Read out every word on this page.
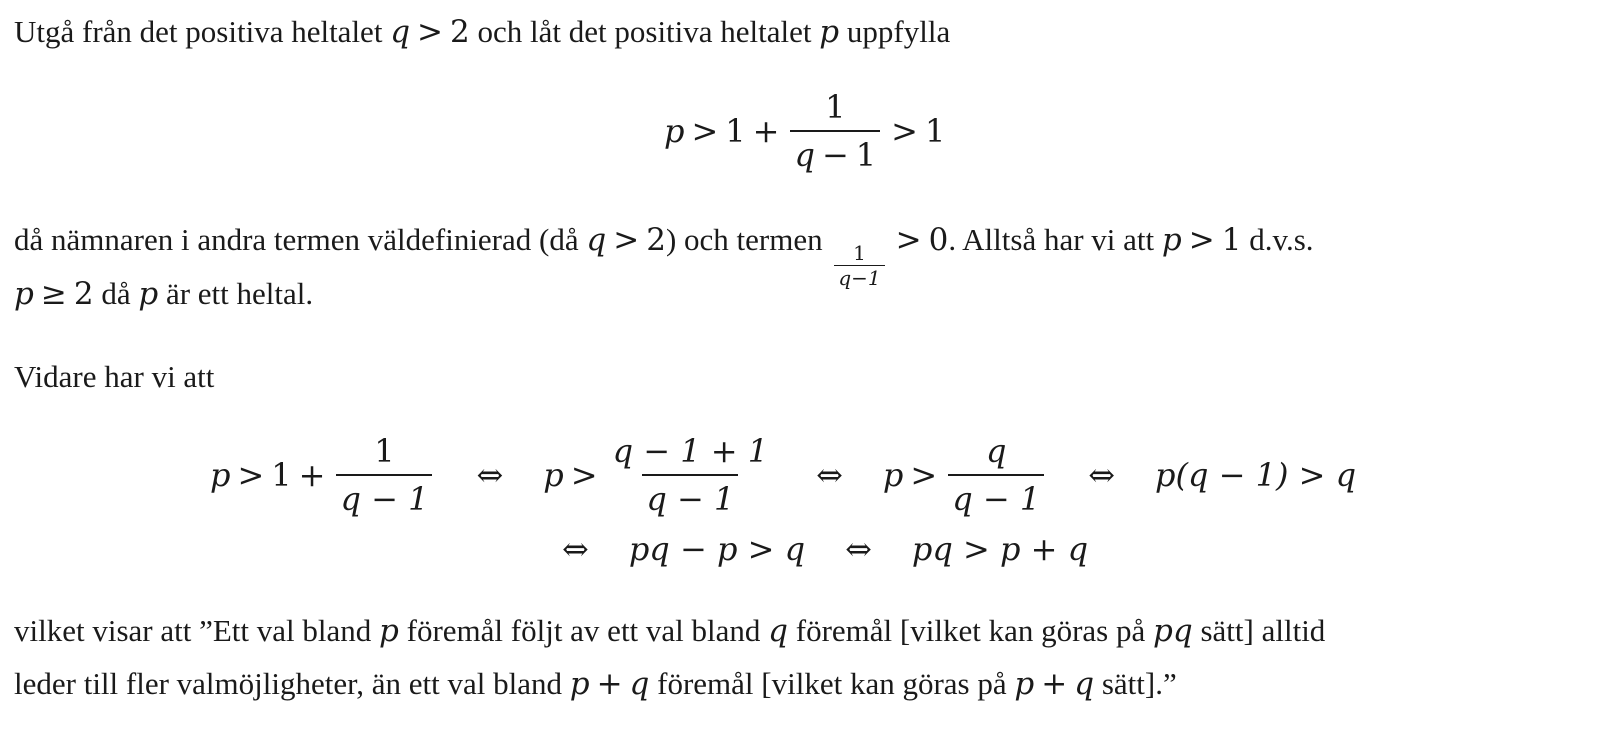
Utgå från det positiva heltalet q > 2 och låt det positiva heltalet p uppfylla
$p > 1 + \frac{1}{q - 1} > 1$
då nämnaren i andra termen väldefinierad (då q > 2) och termen
$\frac{1}{q-1}$
> 0. Alltså har vi att p > 1 d.v.s.
p ≥ 2 då p är ett heltal.
Vidare har vi att
$p > 1 + \frac{1}{q - 1}$	⇔	$p > \frac{q - 1 + 1}{q - 1}$	⇔	$p > \frac{q}{q - 1}$	⇔	p(q − 1) > q
⇔	pq − p > q	⇔	pq > p + q
vilket visar att ”Ett val bland p föremål följt av ett val bland q föremål [vilket kan göras på pq sätt] alltid
leder till fler valmöjligheter, än ett val bland p + q föremål [vilket kan göras på p + q sätt].”
